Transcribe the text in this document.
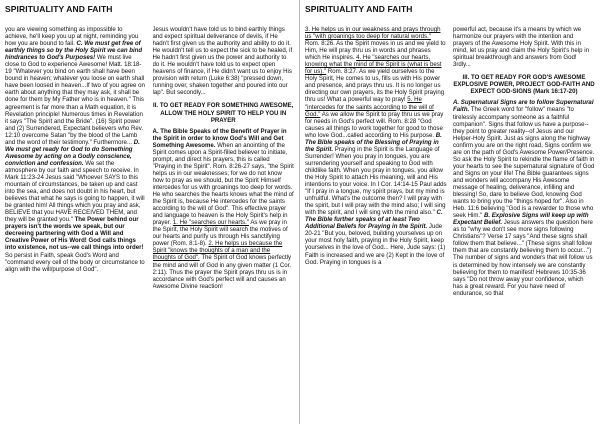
SPIRITUALITY AND FAITH

you are viewing something as impossible to achieve, he'll keep you up at night, reminding you how you are bound to fail. C. We must get free of earthly things so by the Holy Spirit we can bind hindrances to God's Purposes! We must live close to God to experience Awesome! Matt. 18:18-19 "Whatever you bind on earth shall have been bound in heaven; whatever you loose on earth shall have been loosed in heaven...If two of you agree on earth about anything that they may ask, it shall be done for them by My Father who is in heaven." This agreement is far more than a Math equation, it is Revelation principle! Numerous times in Revelation it says "The Spirit and the Bride". (16) Spirit power and (2) Surrendered, Expectant believers who Rev. 12:10 overcome Satan "by the blood of the Lamb and the word of their testimony." Furthermore... D. We must get ready for God to do Something Awesome by acting on a Godly conscience, conviction and confession. We set the atmosphere by our faith and speech to receive. In Mark 11:23-24 Jesus said "Whoever SAYS to this mountain of circumstances, be taken up and cast into the sea, and does not doubt in his heart, but believes that what he says is going to happen, it will be granted him! All things which you pray and ask, BELIEVE that you HAVE RECEIVED THEM, and they will be granted you." The Power behind our prayers isn't the words we speak, but our decreeing partnering with God a Will and Creative Power of His Word! God calls things into existence, not us--we call things into order! So persist in Faith, speak God's Word and "command every cell of the body or circumstance to align with the will/purpose of God".

Jesus wouldn't have told us to bind earthly things and expect spiritual deliverance of devils, if He hadn't first given us the authority and ability to do it. He wouldn't tell us to expect the sick to be healed, if He hadn't first given us the power and authority to do it. He wouldn't have told us to expect open heavens of finance, if He didn't want us to enjoy His provision with return (Luke 6:38) "pressed down, running over, shaken together and poured into our lap". But secondly...

II. TO GET READY FOR SOMETHING AWESOME, ALLOW THE HOLY SPIRIT TO HELP YOU IN PRAYER

A. The Bible Speaks of the Benefit of Prayer in the Spirit in order to know God's Will and Get Something Awesome. When an anointing of the Spirit comes upon a Spirit-filled believer to initiate, prompt, and direct his prayers, this is called "Praying in the Spirit". Rom. 8:26-27 says, "the Spirit helps us in our weaknesses; for we do not know how to pray as we should, but the Spirit Himself intercedes for us with groanings too deep for words. He who searches the hearts knows what the mind of the Spirit is, because He intercedes for the saints according to the will of God". This effective prayer and language to heaven is the Holy Spirit's help in prayer. 1. He "searches our hearts." As we pray in the Spirit, the Holy Spirit will search the motives of our hearts and purify us through His sanctifying power (Rom. 8:1-8). 2. He helps us because the Spirit "knows the thoughts of a man and the thoughts of God". The Spirit of God knows perfectly the mind and will of God in any given matter (1 Cor. 2:11). Thus the prayer the Spirit prays thru us is in accordance with God's perfect will and causes an Awesome Divine reaction!

SPIRITUALITY AND FAITH

3. He helps us in our weakness and prays through us "with groanings too deep for natural words." Rom. 8:26. As the Spirit moves in us and we yield to Him, He will pray thru us in words and phrases which He inspires. 4. He "searches our hearts, knowing what the mind of the Spirit is (what is best for us)." Rom. 8:27. As we yield ourselves to the Holy Spirit, He comes to us, fills us with His power and presence, and prays thru us. It is no longer us directing our own prayers, its the Holy Spirit praying thru us! What a powerful way to pray! 5. He "intercedes for the saints according to the will of God." As we allow the Spirit to pray thru us we pray for needs in God's perfect will. Rom. 8:28 "God causes all things to work together for good to those who love God...called according to His purpose. B. The Bible speaks of the Blessing of Praying in the Spirit. Praying in the Spirit is the Language of Surrender! When you pray in tongues, you are surrendering yourself and speaking to God with childlike faith. When you pray in tongues, you allow the Holy Spirit to attach His meaning, will and His intentions to your voice. In I Cor. 14:14-15 Paul adds "If I pray in a tongue, my spirit prays, but my mind is unfruitful. What's the outcome then? I will pray with the spirit, but I will pray with the mind also; I will sing with the spirit, and I will sing with the mind also." C. The Bible further speaks of at least Two Additional Beliefs for Praying in the Spirit. Jude 20-21 "But you, beloved, building yourselves up on your most holy faith, praying in the Holy Spirit, keep yourselves in the love of God... Here, Jude says: (1) Faith is increased and we are (2) Kept in the love of God. Praying in tongues is a

powerful act, because it's a means by which we harmonize our prayers with the intention and prayers of the Awesome Holy Spirit. With this in mind, let us pray and claim the Holy Spirit's help in spiritual breakthrough and answers from God! 3rdly...

III. TO GET READY FOR GOD'S AWESOME EXPLOSIVE POWER, PROJECT GOD-FAITH AND EXPECT GOD-SIGNS (Mark 16:17-20)

A. Supernatural Signs are to follow Supernatural Faith. The Greek word for "follow" means "to tirelessly accompany someone as a faithful companion". Signs that follow us have a purpose--they point to greater reality--of Jesus and our Helper-Holy Spirit. Just as signs along the highway confirm you are on the right road, Signs confirm we are on the path of God's Awesome Power/Presence. So ask the Holy Spirit to rekindle the flame of faith in your hearts to see the supernatural signature of God and Signs on your life! The Bible guarantees signs and wonders will accompany His Awesome message of healing, deliverance, infilling and blessing! So, dare to believe God, knowing God wants to bring you the "things hoped for". Also in Heb. 11:6 believing "God is a rewarder to those who seek Him." B. Explosive Signs will keep up with Expectant Belief. Jesus answers the question here as to "why we don't see more signs following Christians"? Verse 17 says "And these signs shall follow them that believe..." (These signs shall follow them that are constantly believing them to occur...") The number of signs and wonders that will follow us is determined by how intensely we are constantly believing for them to manifest! Hebrews 10:35-36 says "Do not throw away your confidence, which has a great reward. For you have need of endurance, so that
